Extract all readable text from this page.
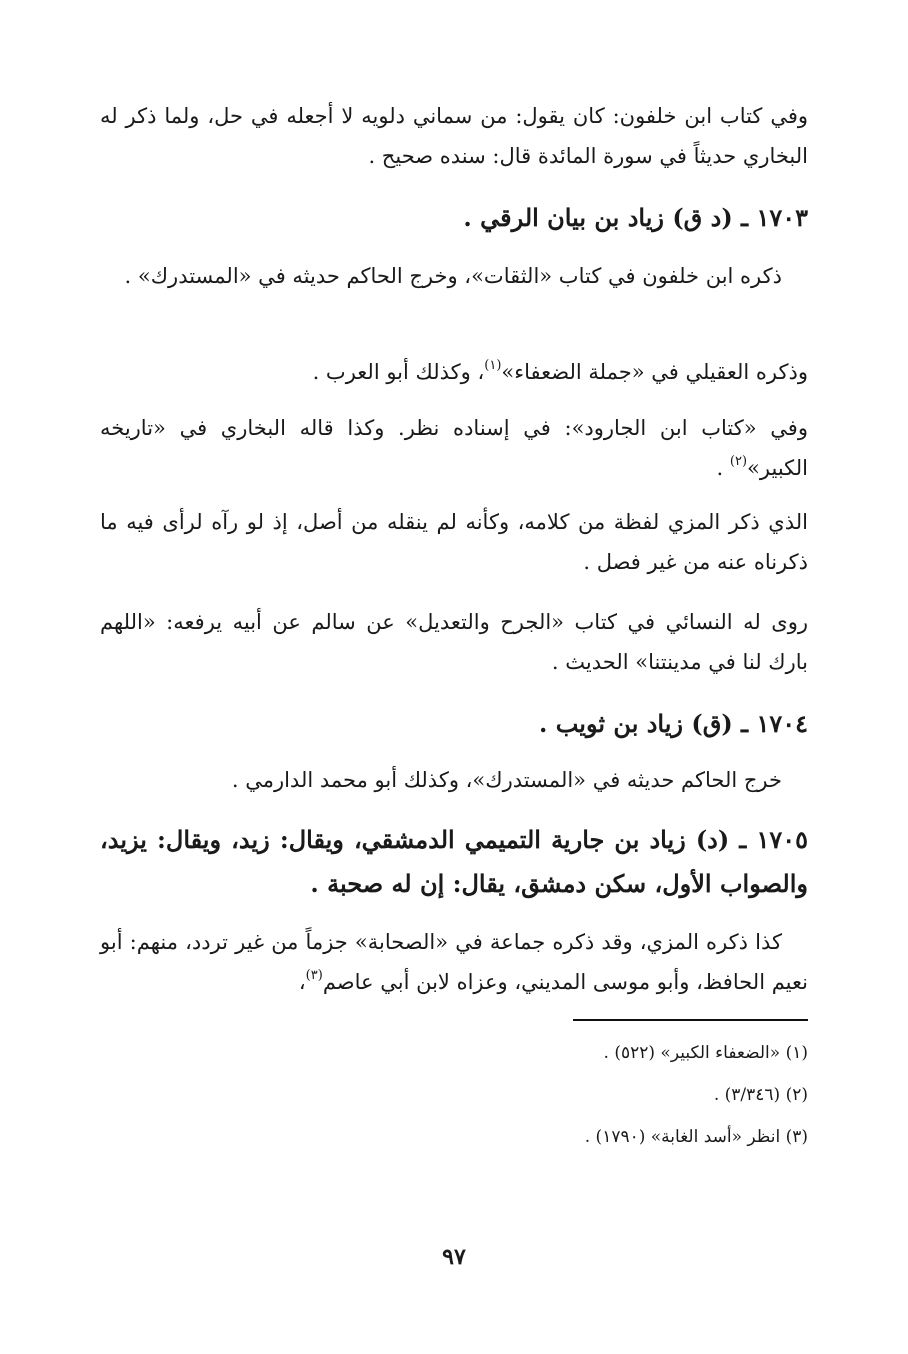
وفي كتاب ابن خلفون: كان يقول: من سماني دلويه لا أجعله في حل، ولما ذكر له البخاري حديثاً في سورة المائدة قال: سنده صحيح .

١٧٠٣ ـ (د ق) زياد بن بيان الرقي .

ذكره ابن خلفون في كتاب «الثقات»، وخرج الحاكم حديثه في «المستدرك» .

وذكره العقيلي في «جملة الضعفاء»$^{(١)}$، وكذلك أبو العرب .

وفي «كتاب ابن الجارود»: في إسناده نظر. وكذا قاله البخاري في «تاريخه الكبير»$^{(٢)}$ .

الذي ذكر المزي لفظة من كلامه، وكأنه لم ينقله من أصل، إذ لو رآه لرأى فيه ما ذكرناه عنه من غير فصل .

روى له النسائي في كتاب «الجرح والتعديل» عن سالم عن أبيه يرفعه: «اللهم بارك لنا في مدينتنا» الحديث .

١٧٠٤ ـ (ق) زياد بن ثويب .

خرج الحاكم حديثه في «المستدرك»، وكذلك أبو محمد الدارمي .

١٧٠٥ ـ (د) زياد بن جارية التميمي الدمشقي، ويقال: زيد، ويقال: يزيد، والصواب الأول، سكن دمشق، يقال: إن له صحبة .

كذا ذكره المزي، وقد ذكره جماعة في «الصحابة» جزماً من غير تردد، منهم: أبو نعيم الحافظ، وأبو موسى المديني، وعزاه لابن أبي عاصم$^{(٣)}$،

(١) «الضعفاء الكبير» (٥٢٢) .
(٢) (٣/٣٤٦) .
(٣) انظر «أسد الغابة» (١٧٩٠) .
٩٧
